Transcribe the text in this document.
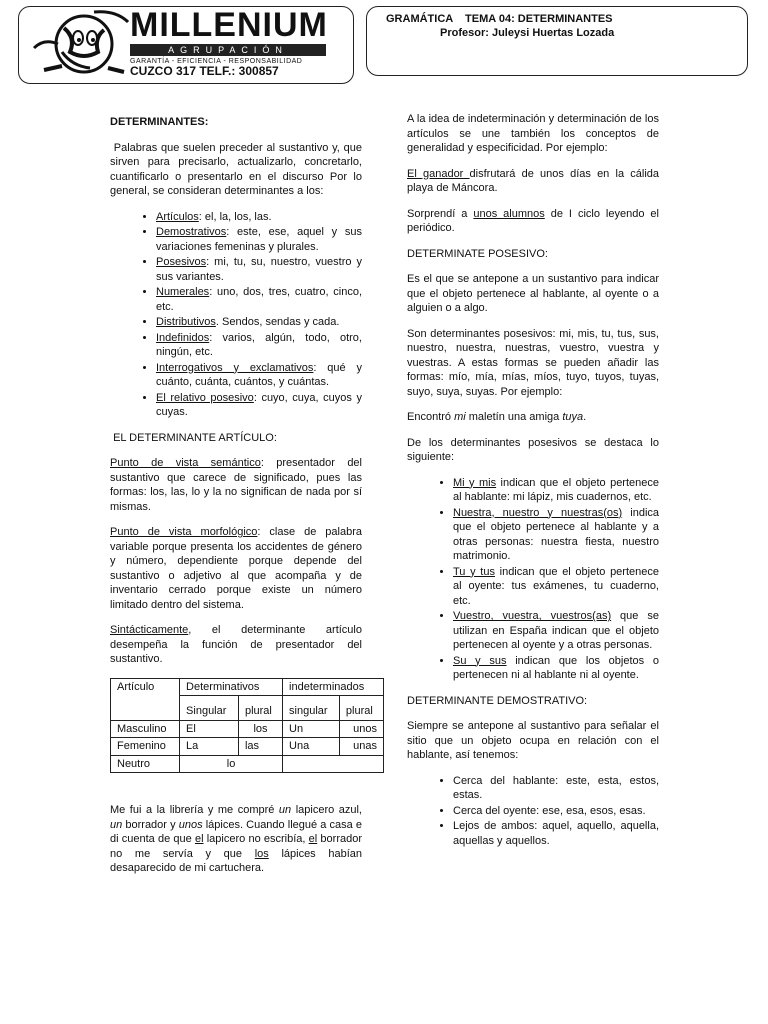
MILLENIUM
AGRUPACIÓN
GARANTÍA - EFICIENCIA - RESPONSABILIDAD
CUZCO 317 TELF.: 300857
GRAMÁTICA    TEMA 04: DETERMINANTES
Profesor: Juleysi Huertas Lozada

DETERMINANTES:

Palabras que suelen preceder al sustantivo y, que sirven para precisarlo, actualizarlo, concretarlo, cuantificarlo o presentarlo en el discurso Por lo general, se consideran determinantes a los:

• Artículos: el, la, los, las.
• Demostrativos: este, ese, aquel y sus variaciones femeninas y plurales.
• Posesivos: mi, tu, su, nuestro, vuestro y sus variantes.
• Numerales: uno, dos, tres, cuatro, cinco, etc.
• Distributivos. Sendos, sendas y cada.
• Indefinidos: varios, algún, todo, otro, ningún, etc.
• Interrogativos y exclamativos: qué y cuánto, cuánta, cuántos, y cuántas.
• El relativo posesivo: cuyo, cuya, cuyos y cuyas.

EL DETERMINANTE ARTÍCULO:

Punto de vista semántico: presentador del sustantivo que carece de significado, pues las formas: los, las, lo y la no significan de nada por sí mismas.

Punto de vista morfológico: clase de palabra variable porque presenta los accidentes de género y número, dependiente porque depende del sustantivo o adjetivo al que acompaña y de inventario cerrado porque existe un número limitado dentro del sistema.

Sintácticamente, el determinante artículo desempeña la función de presentador del sustantivo.

Artículo	Determinativos		indeterminados	
	Singular	plural	singular	plural
Masculino	El	los	Un	unos
Femenino	La	las	Una	unas
Neutro	lo			

Me fui a la librería y me compré un lapicero azul, un borrador y unos lápices. Cuando llegué a casa e di cuenta de que el lapicero no escribía, el borrador no me servía y que los lápices habían desaparecido de mi cartuchera.

A la idea de indeterminación y determinación de los artículos se une también los conceptos de generalidad y especificidad. Por ejemplo:

El ganador disfrutará de unos días en la cálida playa de Máncora.

Sorprendí a unos alumnos de I ciclo leyendo el periódico.

DETERMINATE POSESIVO:

Es el que se antepone a un sustantivo para indicar que el objeto pertenece al hablante, al oyente o a alguien o a algo.

Son determinantes posesivos: mi, mis, tu, tus, sus, nuestro, nuestra, nuestras, vuestro, vuestra y vuestras. A estas formas se pueden añadir las formas: mío, mía, mías, míos, tuyo, tuyos, tuyas, suyo, suya, suyas. Por ejemplo:

Encontró mi maletín una amiga tuya.

De los determinantes posesivos se destaca lo siguiente:

• Mi y mis indican que el objeto pertenece al hablante: mi lápiz, mis cuadernos, etc.
• Nuestra, nuestro y nuestras(os) indica que el objeto pertenece al hablante y a otras personas: nuestra fiesta, nuestro matrimonio.
• Tu y tus indican que el objeto pertenece al oyente: tus exámenes, tu cuaderno, etc.
• Vuestro, vuestra, vuestros(as) que se utilizan en España indican que el objeto pertenecen al oyente y a otras personas.
• Su y sus indican que los objetos o pertenecen ni al hablante ni al oyente.

DETERMINANTE DEMOSTRATIVO:

Siempre se antepone al sustantivo para señalar el sitio que un objeto ocupa en relación con el hablante, así tenemos:

• Cerca del hablante: este, esta, estos, estas.
• Cerca del oyente: ese, esa, esos, esas.
• Lejos de ambos: aquel, aquello, aquella, aquellas y aquellos.
